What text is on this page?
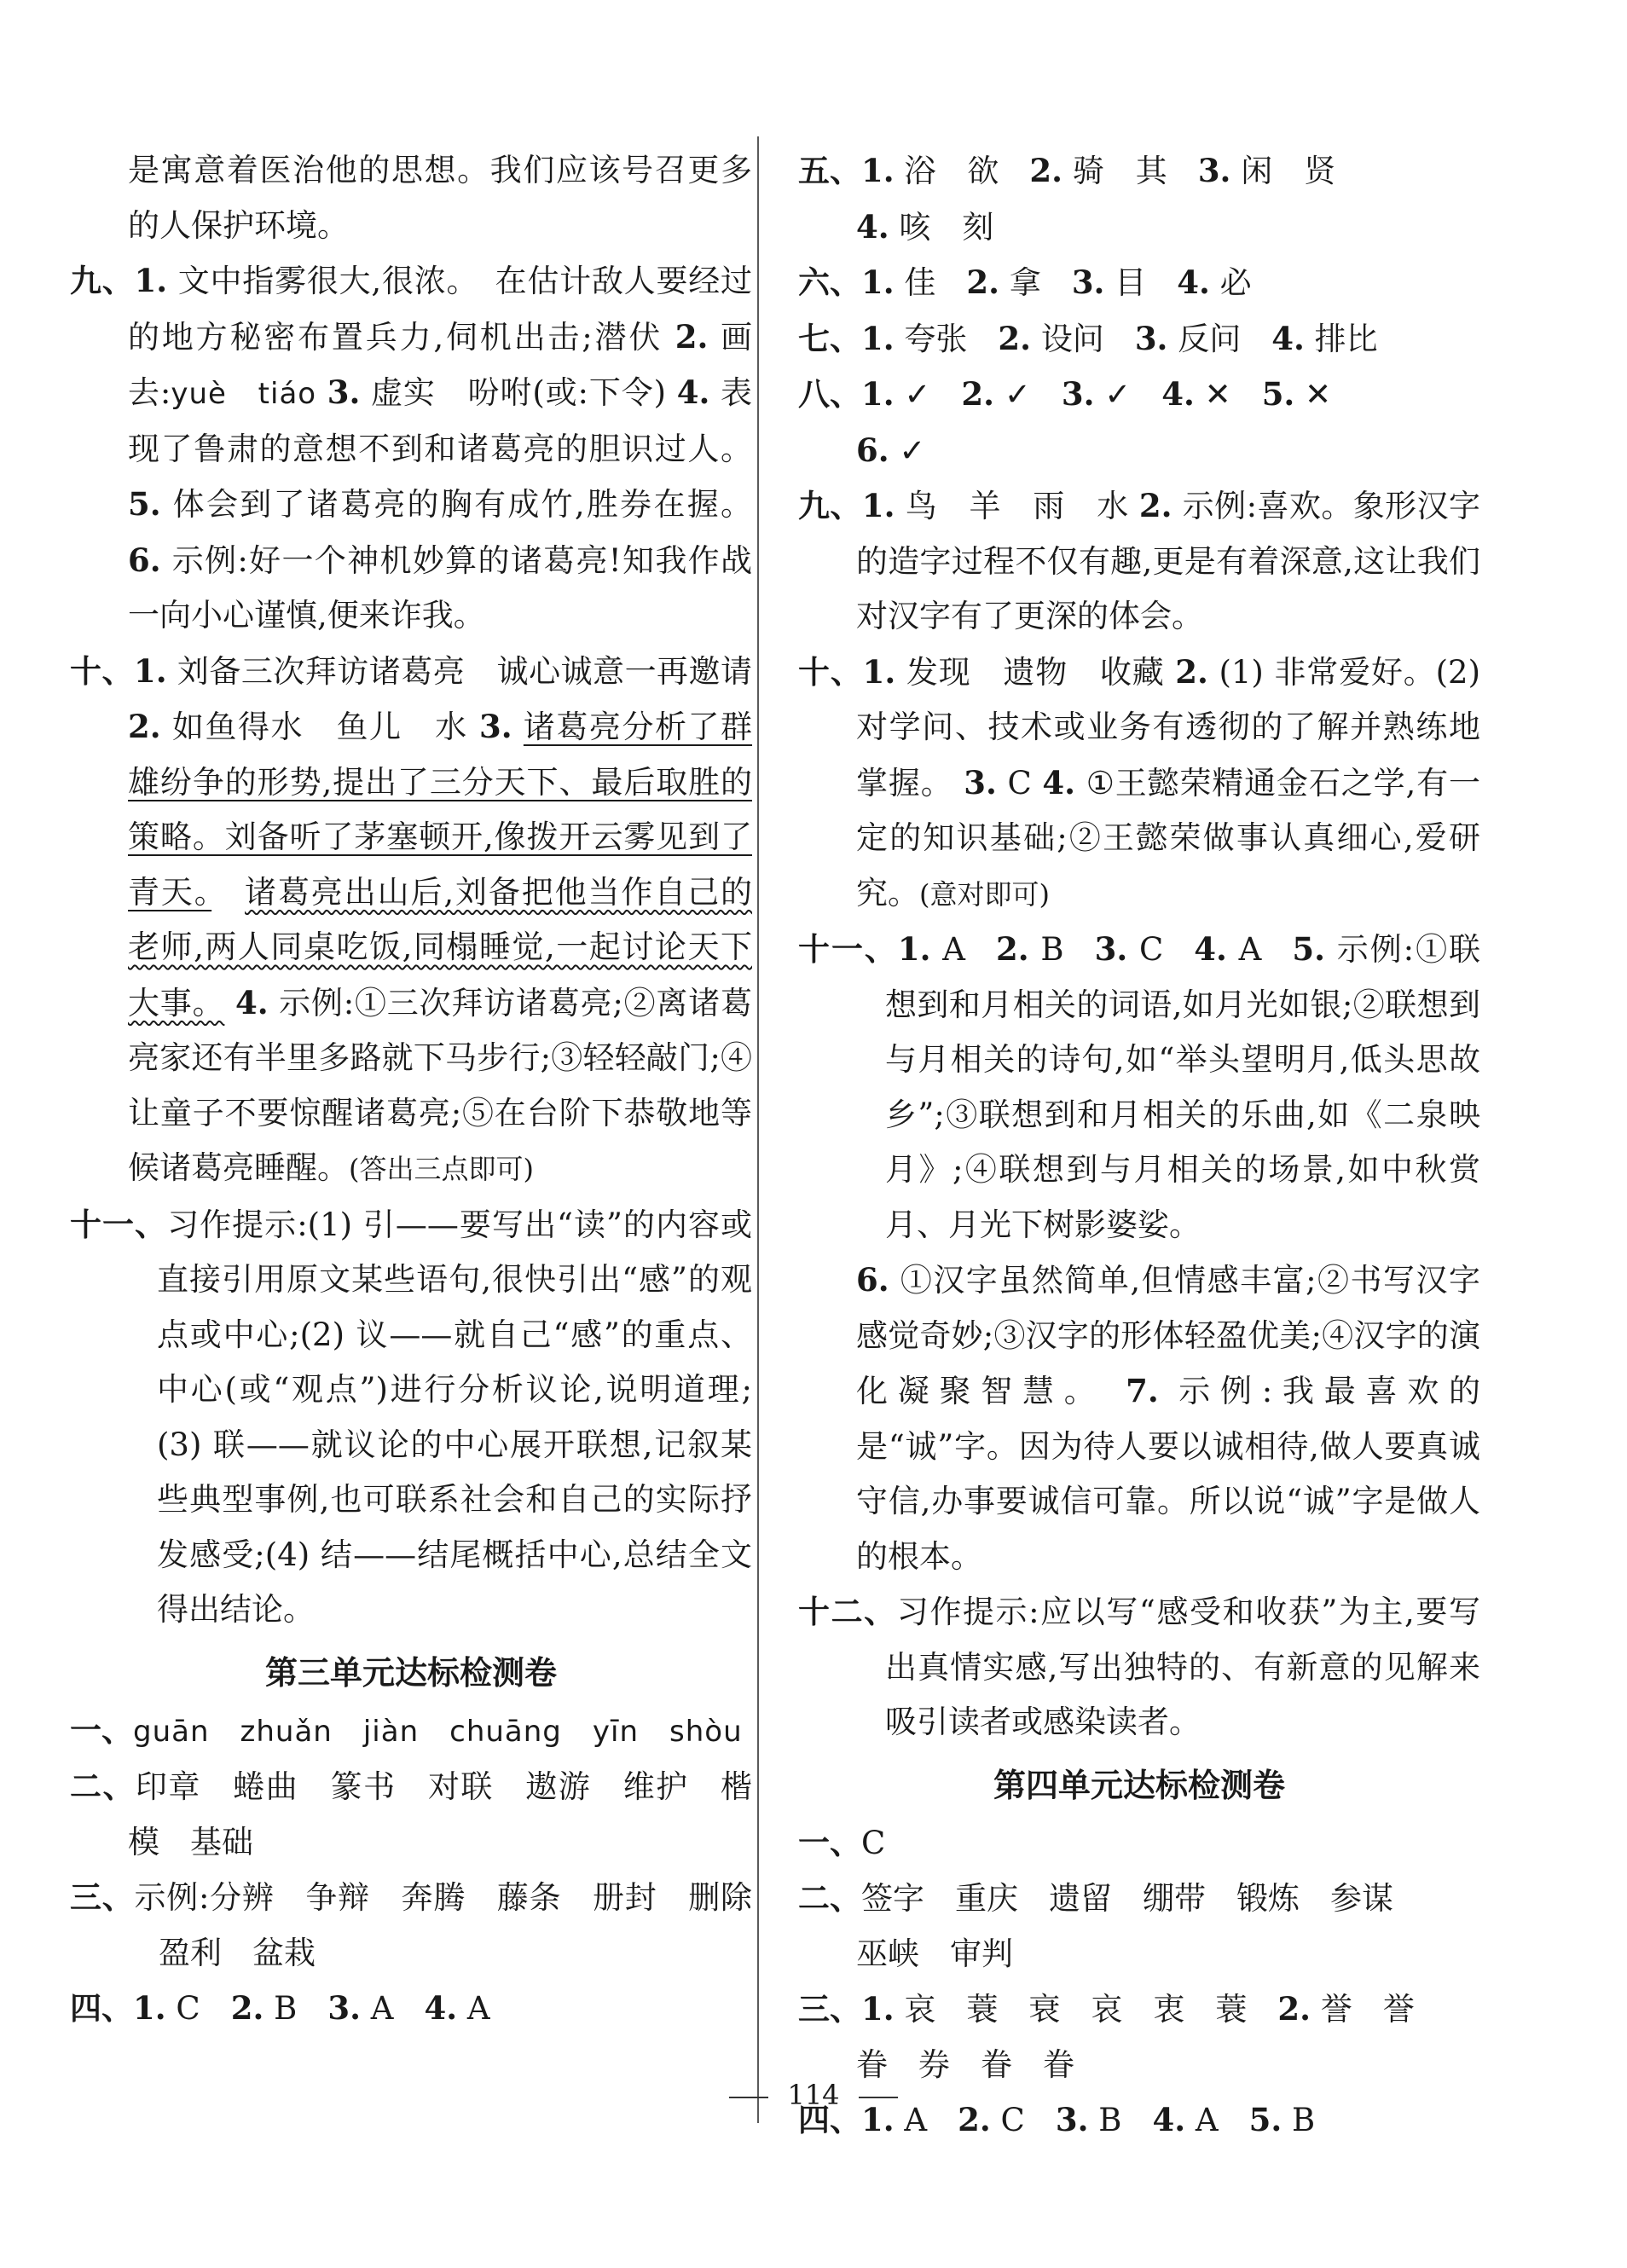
是寓意着医治他的思想。我们应该号召更多的人保护环境。

九、1. 文中指雾很大,很浓。　在估计敌人要经过的地方秘密布置兵力,伺机出击;潜伏 2. 画去:yuè　tiáo 3. 虚实　吩咐(或:下令) 4. 表现了鲁肃的意想不到和诸葛亮的胆识过人。 5. 体会到了诸葛亮的胸有成竹,胜券在握。 6. 示例:好一个神机妙算的诸葛亮!知我作战一向小心谨慎,便来诈我。

十、1. 刘备三次拜访诸葛亮　诚心诚意一再邀请 2. 如鱼得水　鱼儿　水 3. 诸葛亮分析了群雄纷争的形势,提出了三分天下、最后取胜的策略。刘备听了茅塞顿开,像拨开云雾见到了青天。　 诸葛亮出山后,刘备把他当作自己的老师,两人同桌吃饭,同榻睡觉,一起讨论天下大事。 4. 示例:①三次拜访诸葛亮;②离诸葛亮家还有半里多路就下马步行;③轻轻敲门;④让童子不要惊醒诸葛亮;⑤在台阶下恭敬地等候诸葛亮睡醒。(答出三点即可)

十一、习作提示:(1) 引——要写出“读”的内容或直接引用原文某些语句,很快引出“感”的观点或中心;(2) 议——就自己“感”的重点、中心(或“观点”)进行分析议论,说明道理;(3) 联——就议论的中心展开联想,记叙某些典型事例,也可联系社会和自己的实际抒发感受;(4) 结——结尾概括中心,总结全文得出结论。

第三单元达标检测卷

一、guān zhuǎn jiàn chuāng yīn shòu

二、印章 蜷曲 篆书 对联 遨游 维护 楷模 基础

三、示例:分辨 争辩 奔腾 藤条 册封 删除盈利 盆栽

四、1. C 2. B 3. A 4. A

五、1. 浴　欲 2. 骑　其 3. 闲　贤
4. 咳　刻

六、1. 佳 2. 拿 3. 目 4. 必

七、1. 夸张 2. 设问 3. 反问 4. 排比

八、1. ✓ 2. ✓ 3. ✓ 4. ✕ 5. ✕
6. ✓

九、1. 鸟　羊　雨　水 2. 示例:喜欢。象形汉字的造字过程不仅有趣,更是有着深意,这让我们对汉字有了更深的体会。

十、1. 发现　遗物　收藏 2. (1) 非常爱好。(2) 对学问、技术或业务有透彻的了解并熟练地掌握。 3. C 4. ①王懿荣精通金石之学,有一定的知识基础;②王懿荣做事认真细心,爱研究。(意对即可)

十一、1. A 2. B 3. C 4. A 5. 示例:①联想到和月相关的词语,如月光如银;②联想到与月相关的诗句,如“举头望明月,低头思故乡”;③联想到和月相关的乐曲,如《二泉映月》;④联想到与月相关的场景,如中秋赏月、月光下树影婆娑。

6. ①汉字虽然简单,但情感丰富;②书写汉字感觉奇妙;③汉字的形体轻盈优美;④汉字的演化凝聚智慧。 7. 示例:我最喜欢的是“诚”字。因为待人要以诚相待,做人要真诚守信,办事要诚信可靠。所以说“诚”字是做人的根本。

十二、习作提示:应以写“感受和收获”为主,要写出真情实感,写出独特的、有新意的见解来吸引读者或感染读者。

第四单元达标检测卷

一、C

二、签字 重庆 遗留 绷带 锻炼 参谋
巫峡 审判

三、1. 哀 蓑 衰 哀 衷 蓑 2. 誉 誉
眷 券 眷 眷

四、1. A 2. C 3. B 4. A 5. B

114
